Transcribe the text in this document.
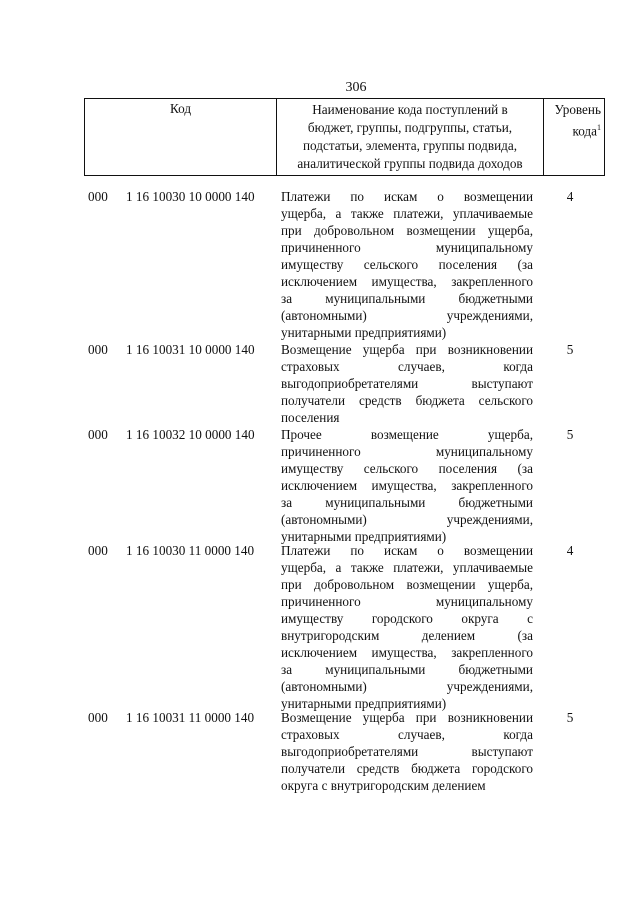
306
Код	Наименование кода поступлений в
бюджет, группы, подгруппы, статьи,
подстатьи, элемента, группы подвида,
аналитической группы подвида доходов

Уровень
кода$^1$
000	1 16 10030 10 0000 140	Платежи по искам о возмещении
ущерба, а также платежи, уплачиваемые
при добровольном возмещении ущерба,
причиненного муниципальному
имуществу сельского поселения (за
исключением имущества, закрепленного
за муниципальными бюджетными
(автономными) учреждениями,
унитарными предприятиями)
4
000	1 16 10031 10 0000 140	Возмещение ущерба при возникновении
страховых случаев, когда
выгодоприобретателями выступают
получатели средств бюджета сельского
поселения
5
000	1 16 10032 10 0000 140	Прочее возмещение ущерба,
причиненного муниципальному
имуществу сельского поселения (за
исключением имущества, закрепленного
за муниципальными бюджетными
(автономными) учреждениями,
унитарными предприятиями)
5
000	1 16 10030 11 0000 140	Платежи по искам о возмещении
ущерба, а также платежи, уплачиваемые
при добровольном возмещении ущерба,
причиненного муниципальному
имуществу городского округа с
внутригородским делением (за
исключением имущества, закрепленного
за муниципальными бюджетными
(автономными) учреждениями,
унитарными предприятиями)
4
000	1 16 10031 11 0000 140	Возмещение ущерба при возникновении
страховых случаев, когда
выгодоприобретателями выступают
получатели средств бюджета городского
округа с внутригородским делением
5
